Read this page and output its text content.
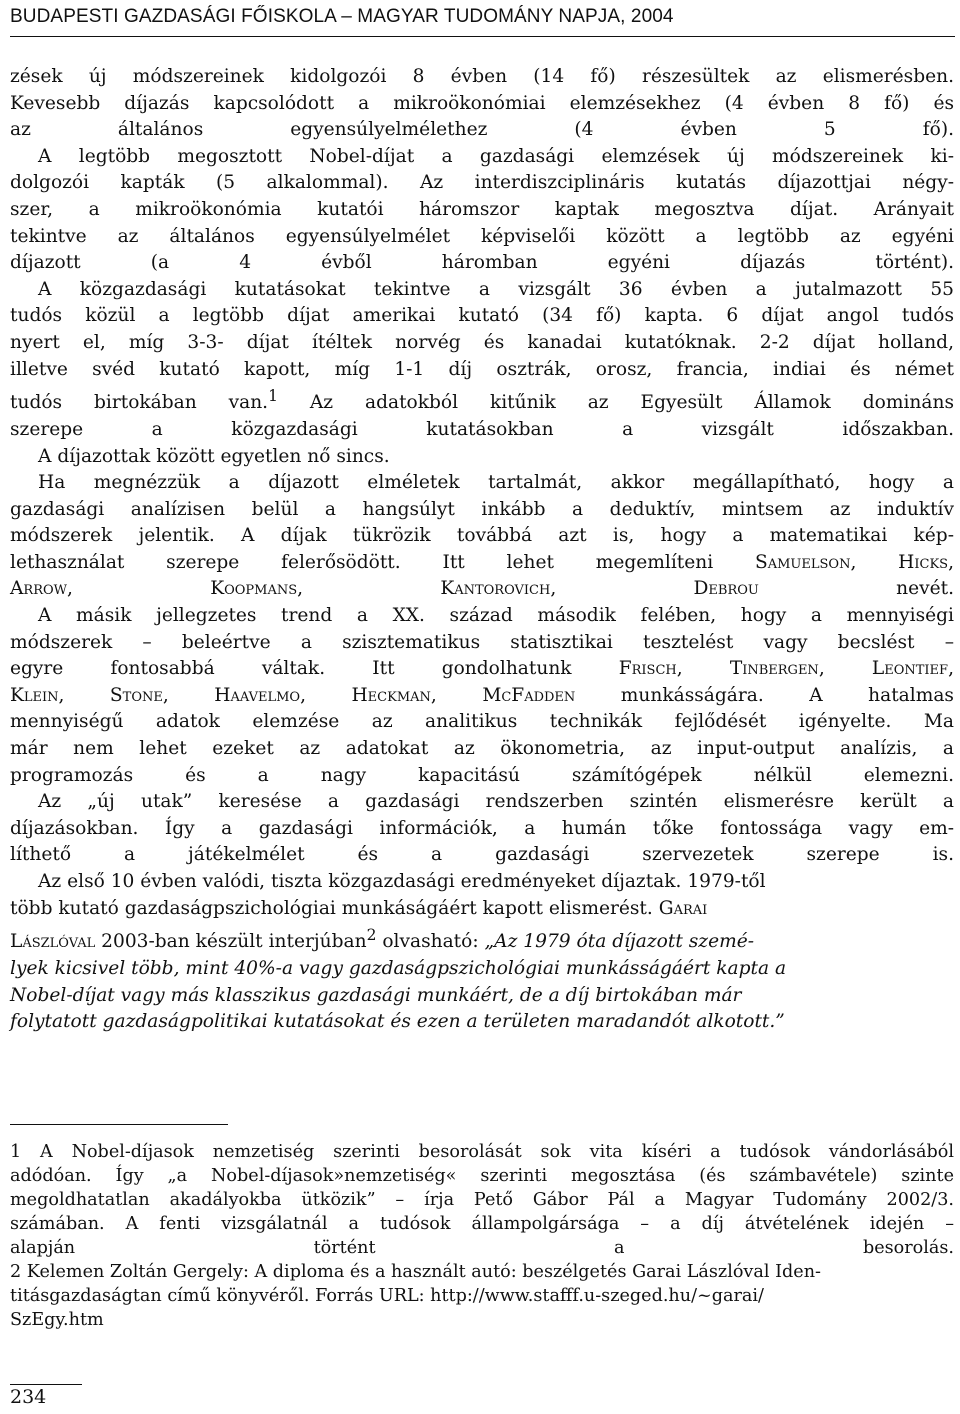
BUDAPESTI GAZDASÁGI FŐISKOLA – MAGYAR TUDOMÁNY NAPJA, 2004
zések új módszereinek kidolgozói 8 évben (14 fő) részesültek az elismerésben.
Kevesebb díjazás kapcsolódott a mikroökonómiai elemzésekhez (4 évben 8 fő) és
az általános egyensúlyelmélethez (4 évben 5 fő).
A legtöbb megosztott Nobel-díjat a gazdasági elemzések új módszereinek ki-
dolgozói kapták (5 alkalommal). Az interdiszciplináris kutatás díjazottjai négy-
szer, a mikroökonómia kutatói háromszor kaptak megosztva díjat. Arányait
tekintve az általános egyensúlyelmélet képviselői között a legtöbb az egyéni
díjazott (a 4 évből háromban egyéni díjazás történt).
A közgazdasági kutatásokat tekintve a vizsgált 36 évben a jutalmazott 55
tudós közül a legtöbb díjat amerikai kutató (34 fő) kapta. 6 díjat angol tudós
nyert el, míg 3-3- díjat ítéltek norvég és kanadai kutatóknak. 2-2 díjat holland,
illetve svéd kutató kapott, míg 1-1 díj osztrák, orosz, francia, indiai és német
tudós birtokában van.$^1$ Az adatokból kitűnik az Egyesült Államok domináns
szerepe a közgazdasági kutatásokban a vizsgált időszakban.
A díjazottak között egyetlen nő sincs.
Ha megnézzük a díjazott elméletek tartalmát, akkor megállapítható, hogy a
gazdasági analízisen belül a hangsúlyt inkább a deduktív, mintsem az induktív
módszerek jelentik. A díjak tükrözik továbbá azt is, hogy a matematikai kép-
lethasználat szerepe felerősödött. Itt lehet megemlíteni Samuelson, Hicks,
Arrow, Koopmans, Kantorovich, Debrou nevét.
A másik jellegzetes trend a XX. század második felében, hogy a mennyiségi
módszerek – beleértve a szisztematikus statisztikai tesztelést vagy becslést –
egyre fontosabbá váltak. Itt gondolhatunk	Frisch, Tinbergen, Leontief,
Klein, Stone, Haavelmo, Heckman, McFadden munkásságára. A hatalmas
mennyiségű adatok elemzése az analitikus technikák fejlődését igényelte. Ma
már nem lehet ezeket az adatokat az ökonometria, az input-output analízis, a
programozás és a nagy kapacitású számítógépek nélkül elemezni.
Az „új utak” keresése a gazdasági rendszerben szintén elismerésre került a
díjazásokban. Így a gazdasági információk, a humán tőke fontossága vagy em-
líthető a játékelmélet és a gazdasági szervezetek szerepe is.
Az első 10 évben valódi, tiszta közgazdasági eredményeket díjaztak. 1979-től
több kutató gazdaságpszichológiai munkáságáért kapott elismerést. Garai
Lászlóval 2003-ban készült interjúban$^2$ olvasható: „Az 1979 óta díjazott szemé-
lyek kicsivel több, mint 40%-a vagy gazdaságpszichológiai munkásságáért kapta a
Nobel-díjat vagy más klasszikus gazdasági munkáért, de a díj birtokában már
folytatott gazdaságpolitikai kutatásokat és ezen a területen maradandót alkotott.”
1 A Nobel-díjasok nemzetiség szerinti besorolását sok vita kíséri a tudósok vándorlásából
adódóan. Így „a Nobel-díjasok»nemzetiség« szerinti megosztása (és számbavétele) szinte
megoldhatatlan akadályokba ütközik” – írja Pető Gábor Pál a Magyar Tudomány 2002/3.
számában. A fenti vizsgálatnál a tudósok állampolgársága – a díj átvételének idején –
alapján történt a besorolás.
2 Kelemen Zoltán Gergely: A diploma és a használt autó: beszélgetés Garai Lászlóval Iden-
titásgazdaságtan című könyvéről. Forrás URL: http://www.stafff.u-szeged.hu/~garai/
SzEgy.htm
234
